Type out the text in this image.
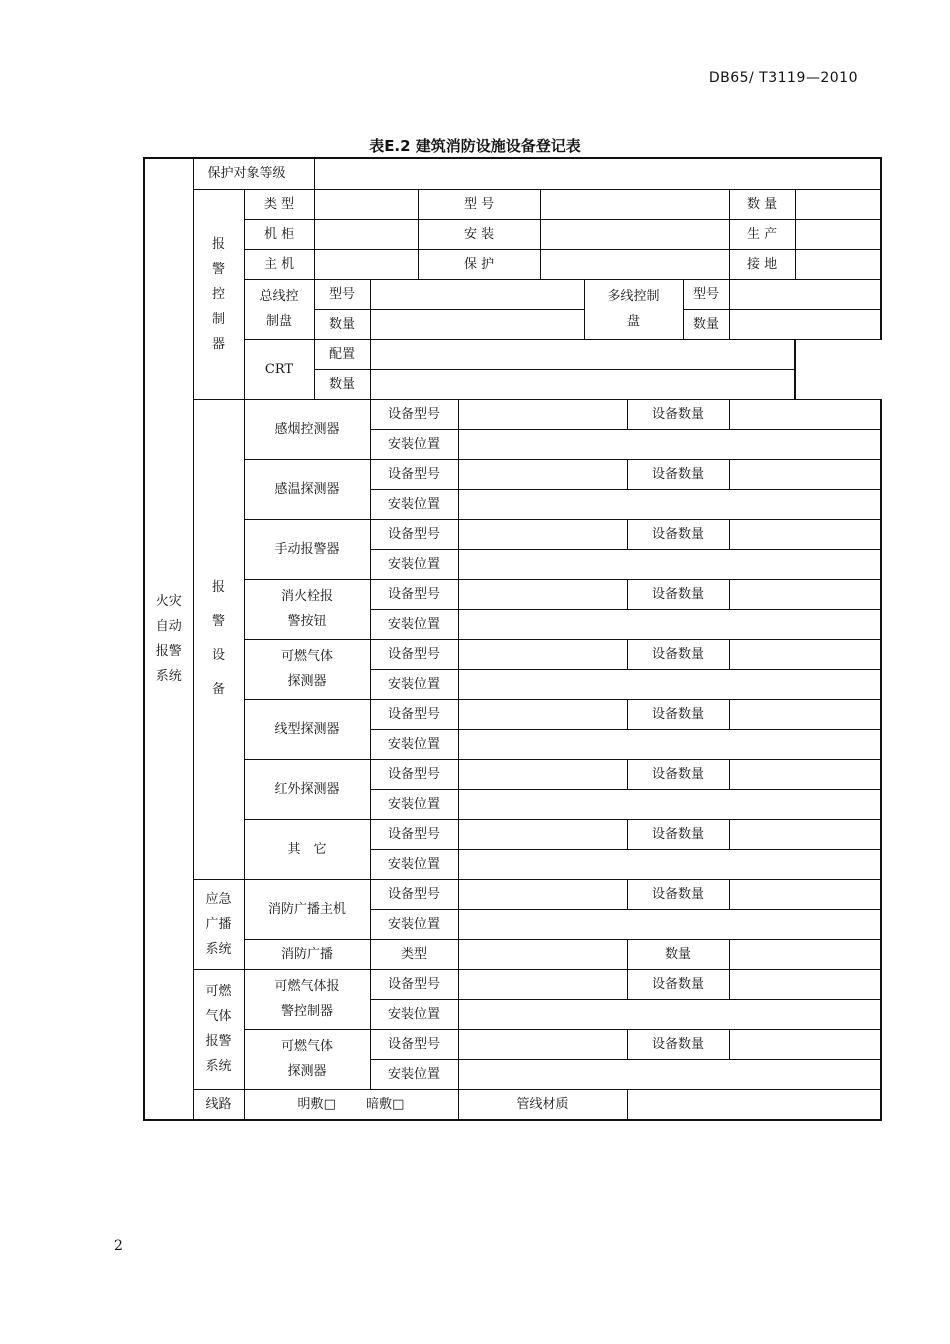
DB65/ T3119—2010
表E.2 建筑消防设施设备登记表
火灾自动报警系统	保护对象等级											
	报警控制器	类 型			型 号						数 量	
		机 柜			安 装						生 产	
		主 机			保 护						接 地	
		总线控制盘	型号					多线控制盘		型号		
			数量							数量		
		CRT	配置									
			数量									
	报警设备	感烟控测器		设备型号					设备数量			
				安装位置								
		感温探测器		设备型号					设备数量			
				安装位置								
		手动报警器		设备型号					设备数量			
				安装位置								
		消火栓报警按钮		设备型号					设备数量			
				安装位置								
		可燃气体探测器		设备型号					设备数量			
				安装位置								
		线型探测器		设备型号					设备数量			
				安装位置								
		红外探测器		设备型号					设备数量			
				安装位置								
		其　它		设备型号					设备数量			
				安装位置								
	应急广播系统	消防广播主机		设备型号					设备数量			
				安装位置								
		消防广播		类型					数量			
	可燃气体报警系统	可燃气体报警控制器		设备型号					设备数量			
				安装位置								
		可燃气体探测器		设备型号					设备数量			
				安装位置								
	线路	明敷□ 暗敷□				管线材质						
2
